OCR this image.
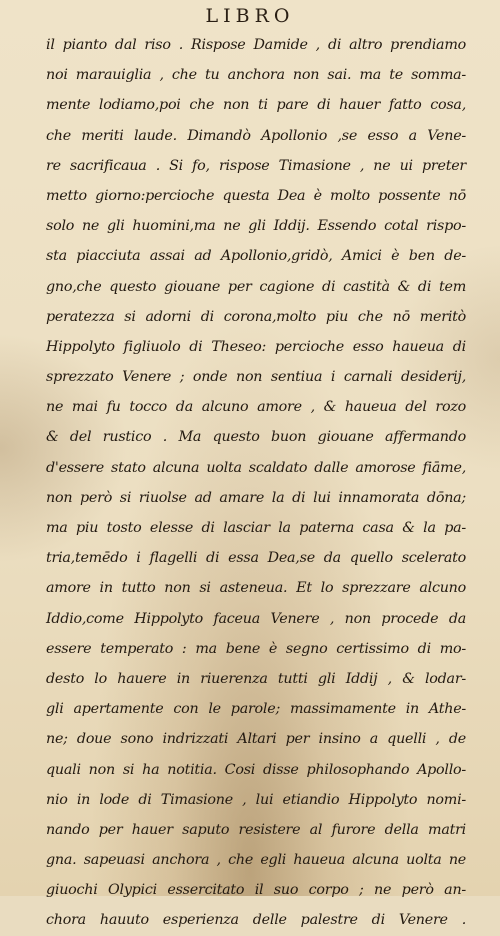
LIBRO
il pianto dal riso . Rispose Damide , di altro prendiamo
noi marauiglia , che tu anchora non sai. ma te somma-
mente lodiamo,poi che non ti pare di hauer fatto cosa,
che meriti laude. Dimandò Apollonio ,se esso a Vene-
re sacrificaua . Si fo, rispose Timasione , ne ui preter
metto giorno:percioche questa Dea è molto possente nō
solo ne gli huomini,ma ne gli Iddij. Essendo cotal rispo-
sta piacciuta assai ad Apollonio,gridò, Amici è ben de-
gno,che questo giouane per cagione di castità & di tem
peratezza si adorni di corona,molto piu che nō meritò
Hippolyto figliuolo di Theseo: percioche esso haueua di
sprezzato Venere ; onde non sentiua i carnali desiderij,
ne mai fu tocco da alcuno amore , & haueua del rozo
& del rustico . Ma questo buon giouane affermando
d'essere stato alcuna uolta scaldato dalle amorose fiāme,
non però si riuolse ad amare la di lui innamorata dōna;
ma piu tosto elesse di lasciar la paterna casa & la pa-
tria,temēdo i flagelli di essa Dea,se da quello scelerato
amore in tutto non si asteneua. Et lo sprezzare alcuno
Iddio,come Hippolyto faceua Venere , non procede da
essere temperato : ma bene è segno certissimo di mo-
desto lo hauere in riuerenza tutti gli Iddij , & lodar-
gli apertamente con le parole; massimamente in Athe-
ne; doue sono indrizzati Altari per insino a quelli , de
quali non si ha notitia. Cosi disse philosophando Apollo-
nio in lode di Timasione , lui etiandio Hippolyto nomi-
nando per hauer saputo resistere al furore della matri
gna. sapeuasi anchora , che egli haueua alcuna uolta ne
giuochi Olypici essercitato il suo corpo ; ne però an-
chora hauuto esperienza delle palestre di Venere .
